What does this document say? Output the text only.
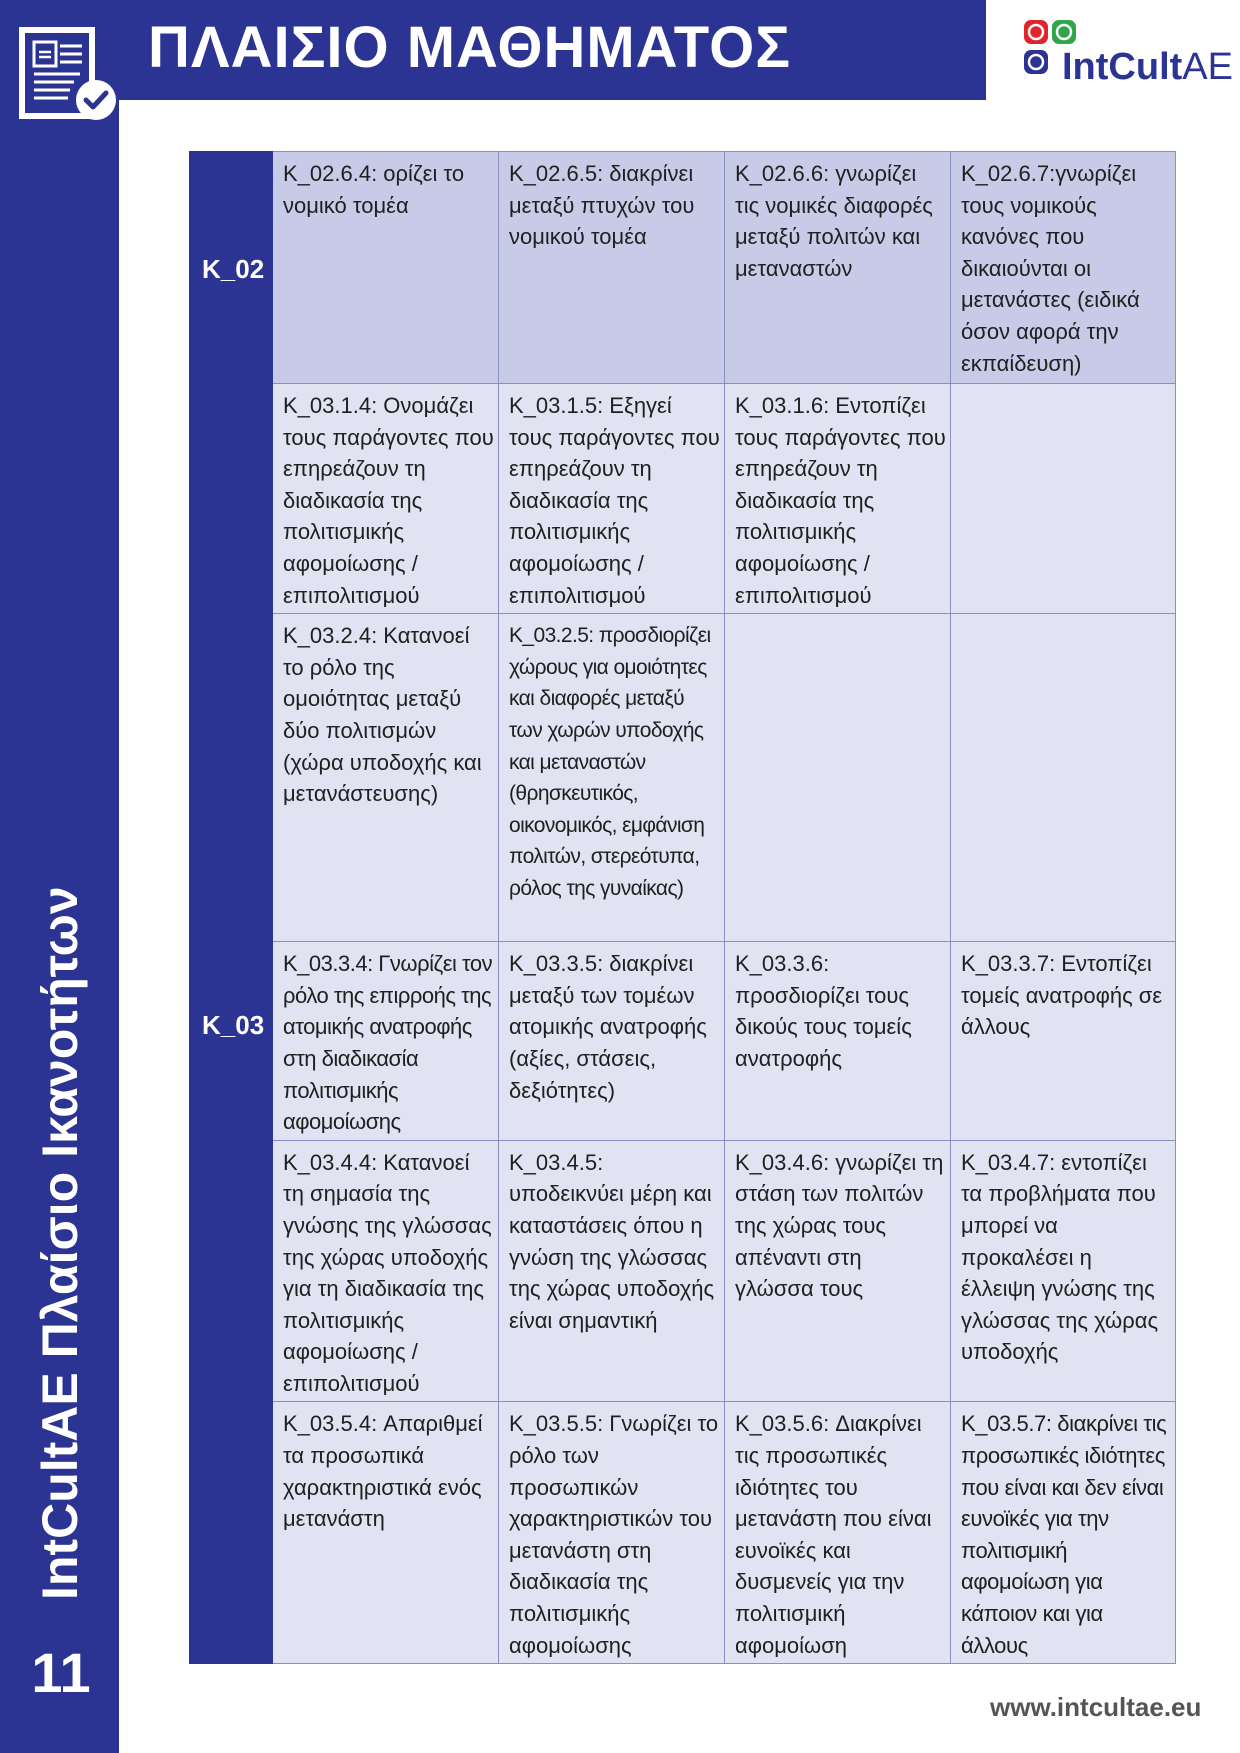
IntCultAE Πλαίσιο Ικανοτήτων
11
ΠΛΑΙΣΙΟ ΜΑΘΗΜΑΤΟΣ	IntCultAE
K_02	K_02.6.4: ορίζει το νομικό τομέα	K_02.6.5: διακρίνει μεταξύ πτυχών του νομικού τομέα	K_02.6.6: γνωρίζει τις νομικές διαφορές μεταξύ πολιτών και μεταναστών	K_02.6.7:γνωρίζει τους νομικούς κανόνες που δικαιούνται οι μετανάστες (ειδικά όσον αφορά την εκπαίδευση)
K_03	K_03.1.4: Ονομάζει τους παράγοντες που επηρεάζουν τη διαδικασία της πολιτισμικής αφομοίωσης / επιπολιτισμού	K_03.1.5: Εξηγεί τους παράγοντες που επηρεάζουν τη διαδικασία της πολιτισμικής αφομοίωσης / επιπολιτισμού	K_03.1.6: Εντοπίζει τους παράγοντες που επηρεάζουν τη διαδικασία της πολιτισμικής αφομοίωσης / επιπολιτισμού	
	K_03.2.4: Κατανοεί το ρόλο της ομοιότητας μεταξύ δύο πολιτισμών (χώρα υποδοχής και μετανάστευσης)	K_03.2.5: προσδιορίζει χώρους για ομοιότητες και διαφορές μεταξύ των χωρών υποδοχής και μεταναστών (θρησκευτικός, οικονομικός, εμφάνιση πολιτών, στερεότυπα, ρόλος της γυναίκας)		
	K_03.3.4: Γνωρίζει τον ρόλο της επιρροής της ατομικής ανατροφής στη διαδικασία πολιτισμικής αφομοίωσης	K_03.3.5: διακρίνει μεταξύ των τομέων ατομικής ανατροφής (αξίες, στάσεις, δεξιότητες)	K_03.3.6: προσδιορίζει τους δικούς τους τομείς ανατροφής	K_03.3.7: Εντοπίζει τομείς ανατροφής σε άλλους
	K_03.4.4: Κατανοεί τη σημασία της γνώσης της γλώσσας της χώρας υποδοχής για τη διαδικασία της πολιτισμικής αφομοίωσης / επιπολιτισμού	K_03.4.5: υποδεικνύει μέρη και καταστάσεις όπου η γνώση της γλώσσας της χώρας υποδοχής είναι σημαντική	K_03.4.6: γνωρίζει τη στάση των πολιτών της χώρας τους απέναντι στη γλώσσα τους	K_03.4.7: εντοπίζει τα προβλήματα που μπορεί να προκαλέσει η έλλειψη γνώσης της γλώσσας της χώρας υποδοχής
	K_03.5.4: Απαριθμεί τα προσωπικά χαρακτηριστικά ενός μετανάστη	K_03.5.5: Γνωρίζει το ρόλο των προσωπικών χαρακτηριστικών του μετανάστη στη διαδικασία της πολιτισμικής αφομοίωσης	K_03.5.6: Διακρίνει τις προσωπικές ιδιότητες του μετανάστη που είναι ευνοϊκές και δυσμενείς για την πολιτισμική αφομοίωση	K_03.5.7: διακρίνει τις προσωπικές ιδιότητες που είναι και δεν είναι ευνοϊκές για την πολιτισμική αφομοίωση για κάποιον και για άλλους
www.intcultae.eu
